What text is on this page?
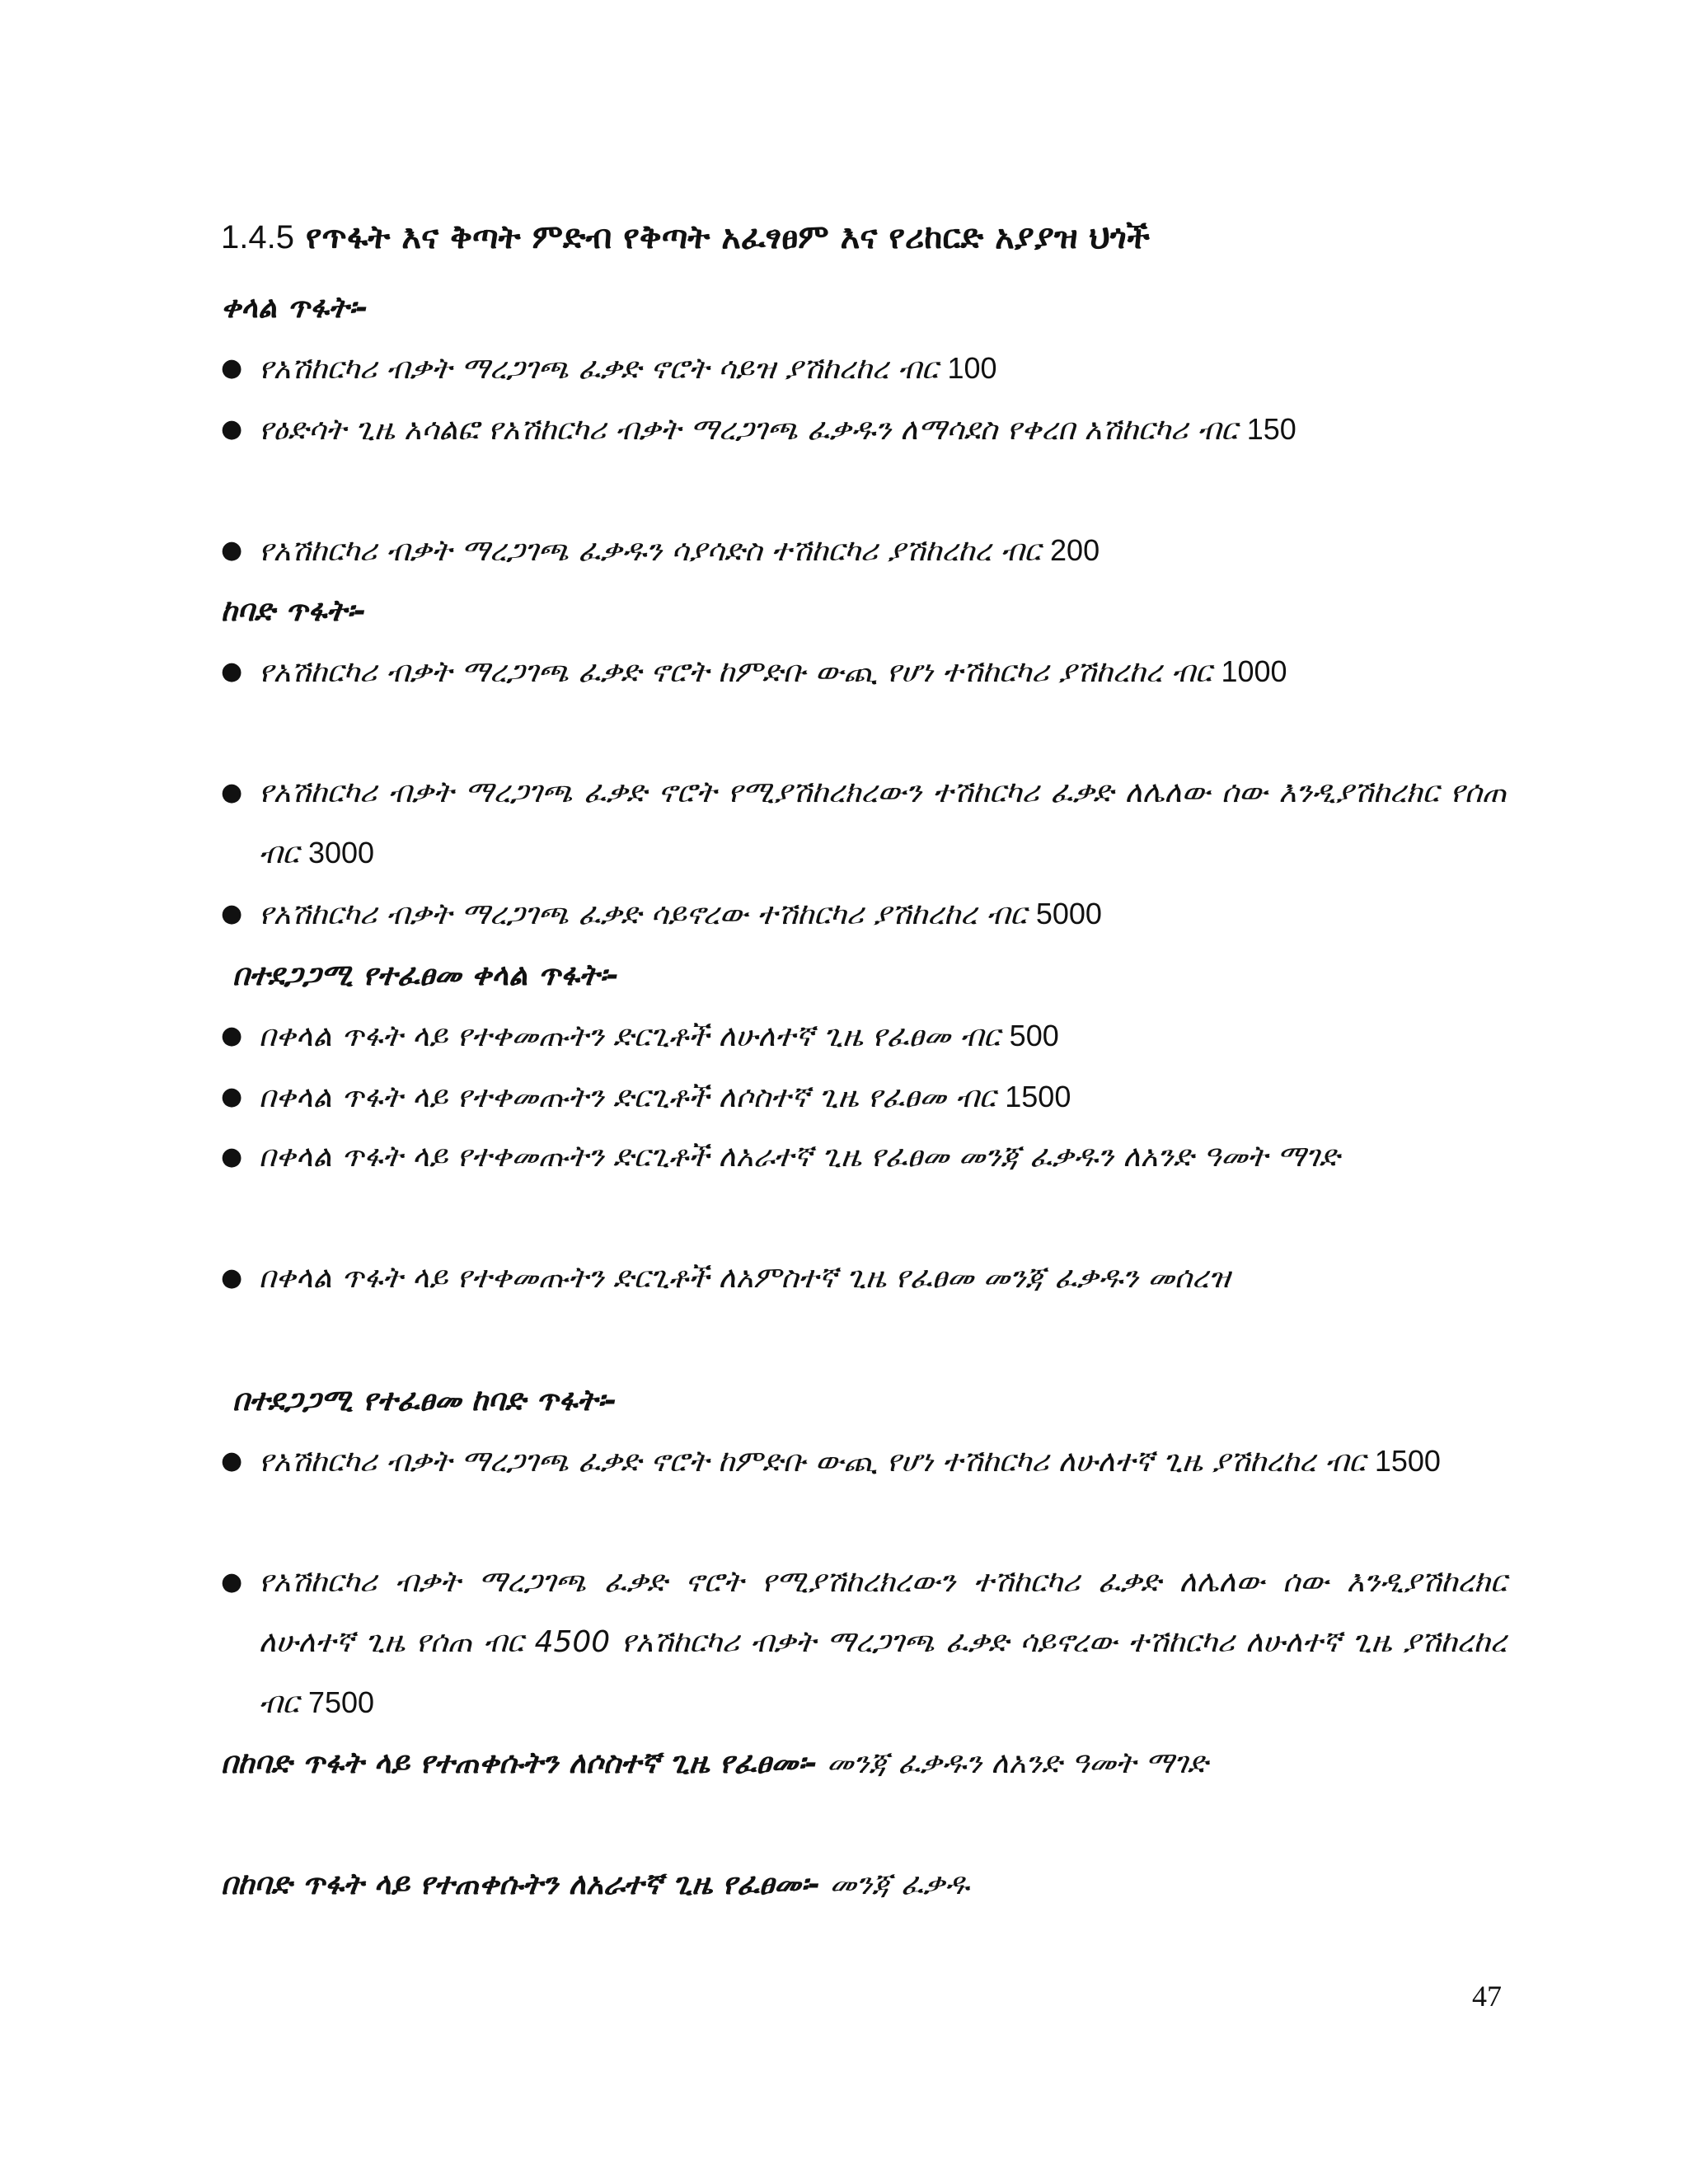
1.4.5 የጥፋት እና ቅጣት ምድብ የቅጣት አፈፃፀም እና የሪከርድ አያያዝ ህጎች
ቀላል ጥፋት፡-
● የአሽከርካሪ ብቃት ማረጋገጫ ፈቃድ ኖሮት ሳይዝ ያሽከረከረ ብር 100
● የዕድሳት ጊዜ አሳልፎ የአሽከርካሪ ብቃት ማረጋገጫ ፈቃዱን ለማሳደስ የቀረበ አሽከርካሪ ብር 150
● የአሽከርካሪ ብቃት ማረጋገጫ ፈቃዱን ሳያሳድስ ተሽከርካሪ ያሽከረከረ ብር 200
ከባድ ጥፋት፡-
● የአሽከርካሪ ብቃት ማረጋገጫ ፈቃድ ኖሮት ከምድቡ ውጪ የሆነ ተሽከርካሪ ያሽከረከረ ብር 1000
● የአሽከርካሪ ብቃት ማረጋገጫ ፈቃድ ኖሮት የሚያሽከረክረውን ተሽከርካሪ ፈቃድ ለሌለው ሰው እንዲያሽከረክር የሰጠ ብር 3000
● የአሽከርካሪ ብቃት ማረጋገጫ ፈቃድ ሳይኖረው ተሽከርካሪ ያሽከረከረ ብር 5000
በተደጋጋሚ የተፈፀመ ቀላል ጥፋት፡-
● በቀላል ጥፋት ላይ የተቀመጡትን ድርጊቶች ለሁለተኛ ጊዜ የፈፀመ ብር 500
● በቀላል ጥፋት ላይ የተቀመጡትን ድርጊቶች ለሶስተኛ ጊዜ የፈፀመ ብር 1500
● በቀላል ጥፋት ላይ የተቀመጡትን ድርጊቶች ለአራተኛ ጊዜ የፈፀመ መንጃ ፈቃዱን ለአንድ ዓመት ማገድ
● በቀላል ጥፋት ላይ የተቀመጡትን ድርጊቶች ለአምስተኛ ጊዜ የፈፀመ መንጃ ፈቃዱን መሰረዝ
በተደጋጋሚ የተፈፀመ ከባድ ጥፋት፡-
● የአሽከርካሪ ብቃት ማረጋገጫ ፈቃድ ኖሮት ከምድቡ ውጪ የሆነ ተሽከርካሪ ለሁለተኛ ጊዜ ያሽከረከረ ብር 1500
● የአሽከርካሪ ብቃት ማረጋገጫ ፈቃድ ኖሮት የሚያሽከረክረውን ተሽከርካሪ ፈቃድ ለሌለው ሰው እንዲያሽከረክር ለሁለተኛ ጊዜ የሰጠ ብር 4500 የአሽከርካሪ ብቃት ማረጋገጫ ፈቃድ ሳይኖረው ተሽከርካሪ ለሁለተኛ ጊዜ ያሽከረከረ ብር 7500
በከባድ ጥፋት ላይ የተጠቀሱትን ለሶስተኛ ጊዜ የፈፀመ፡- መንጃ ፈቃዱን ለአንድ ዓመት ማገድ
በከባድ ጥፋት ላይ የተጠቀሱትን ለአራተኛ ጊዜ የፈፀመ፡- መንጃ ፈቃዱ
47
